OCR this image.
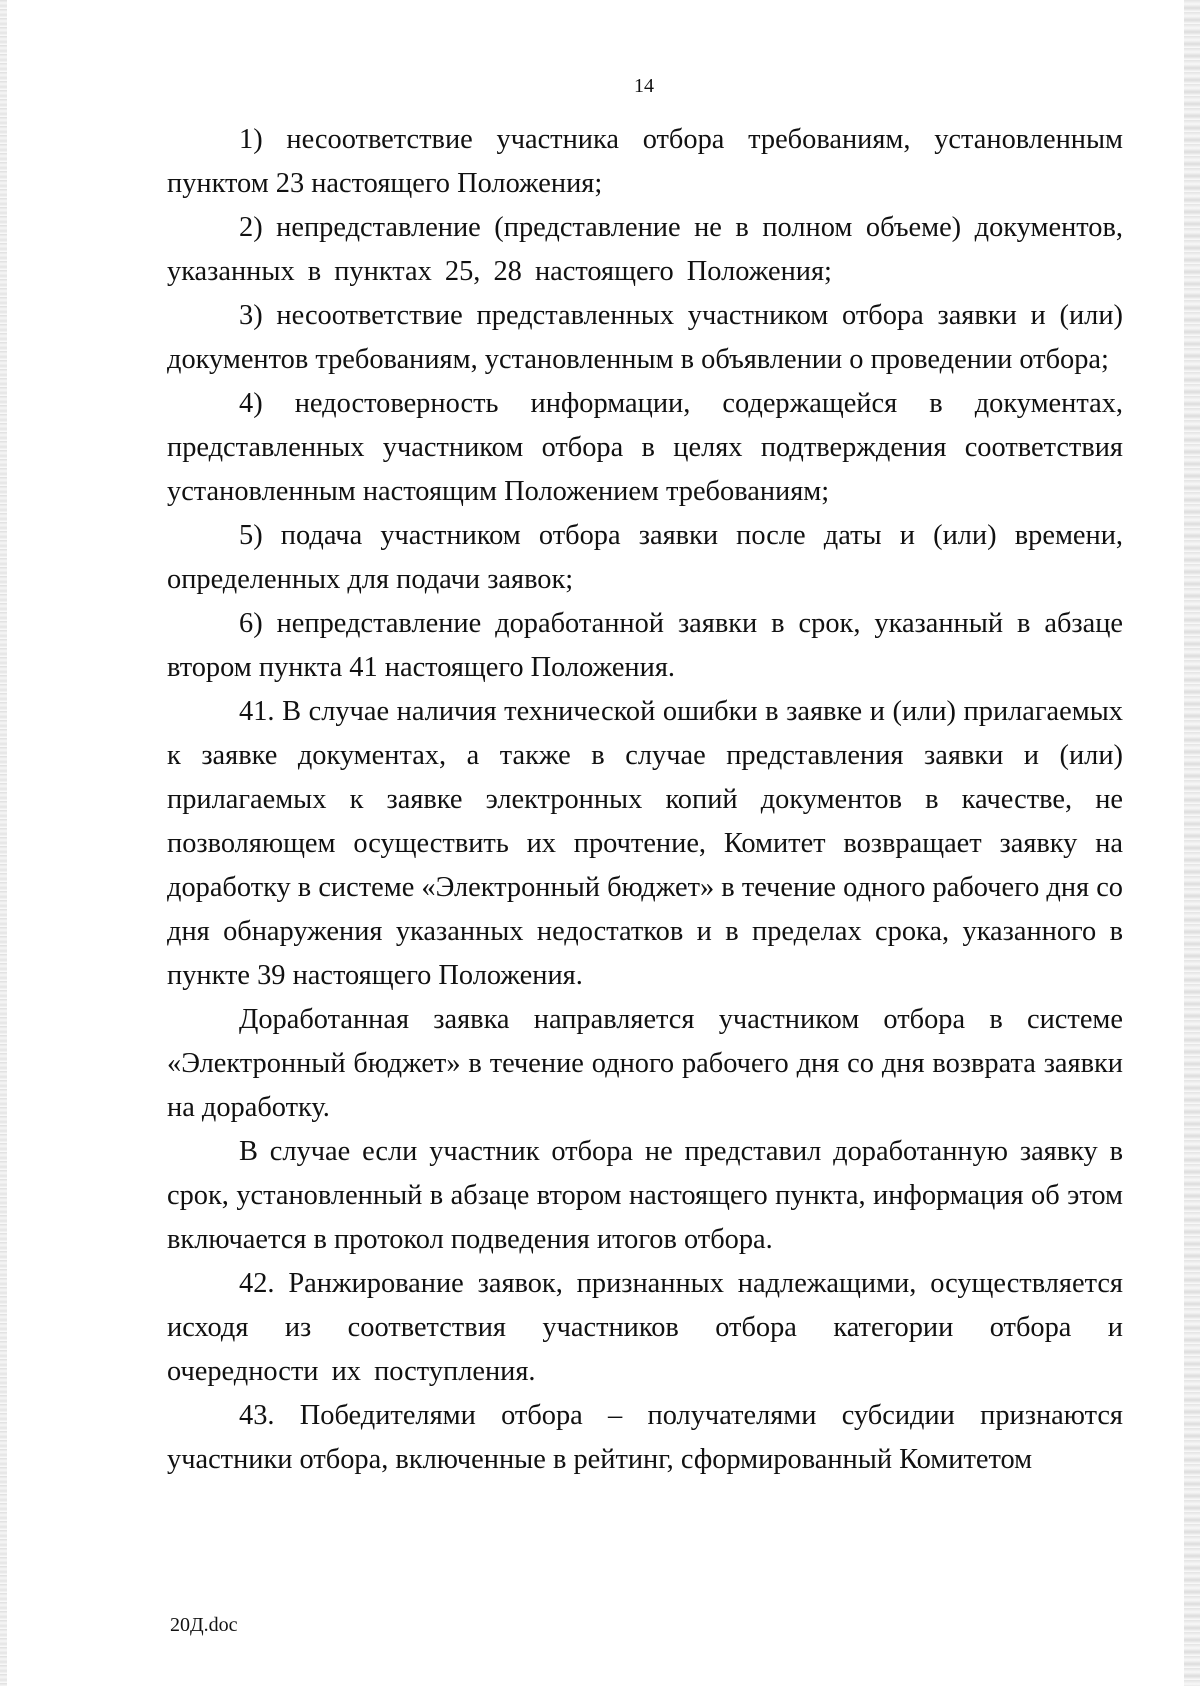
14

1) несоответствие участника отбора требованиям, установленным пунктом 23 настоящего Положения;

2) непредставление (представление не в полном объеме) документов, указанных в пунктах 25, 28 настоящего Положения;

3) несоответствие представленных участником отбора заявки и (или) документов требованиям, установленным в объявлении о проведении отбора;

4) недостоверность информации, содержащейся в документах, представленных участником отбора в целях подтверждения соответствия установленным настоящим Положением требованиям;

5) подача участником отбора заявки после даты и (или) времени, определенных для подачи заявок;

6) непредставление доработанной заявки в срок, указанный в абзаце втором пункта 41 настоящего Положения.

41. В случае наличия технической ошибки в заявке и (или) прилагаемых к заявке документах, а также в случае представления заявки и (или) прилагаемых к заявке электронных копий документов в качестве, не позволяющем осуществить их прочтение, Комитет возвращает заявку на доработку в системе «Электронный бюджет» в течение одного рабочего дня со дня обнаружения указанных недостатков и в пределах срока, указанного в пункте 39 настоящего Положения.

Доработанная заявка направляется участником отбора в системе «Электронный бюджет» в течение одного рабочего дня со дня возврата заявки на доработку.

В случае если участник отбора не представил доработанную заявку в срок, установленный в абзаце втором настоящего пункта, информация об этом включается в протокол подведения итогов отбора.

42. Ранжирование заявок, признанных надлежащими, осуществляется исходя из соответствия участников отбора категории отбора и очередности их поступления.

43. Победителями отбора – получателями субсидии признаются участники отбора, включенные в рейтинг, сформированный Комитетом

20Д.doc
